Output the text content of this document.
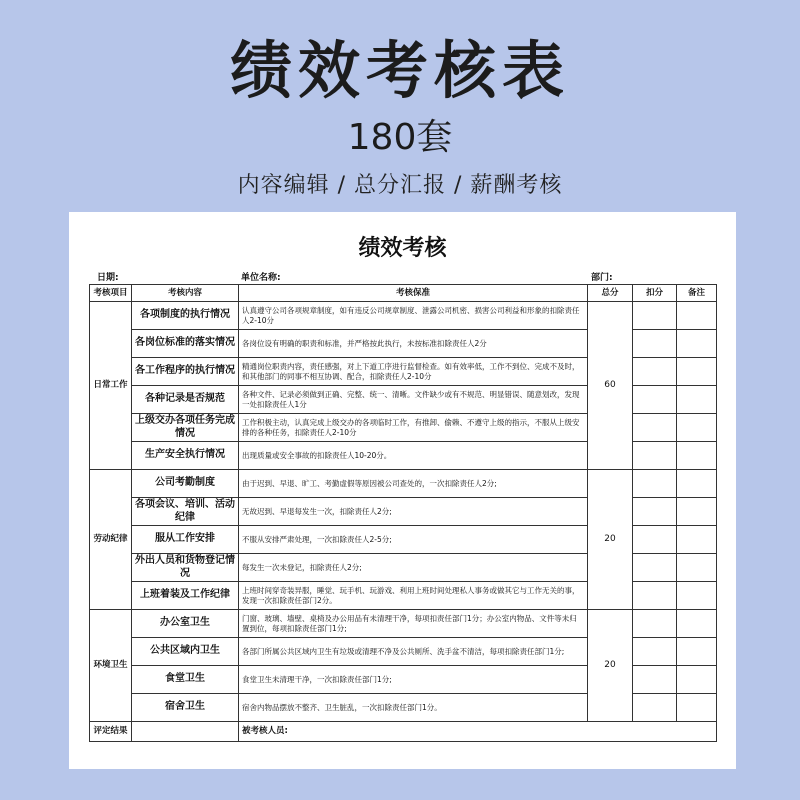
绩效考核表
180套
内容编辑 / 总分汇报 / 薪酬考核
绩效考核
日期:	单位名称:	部门:
考核项目	考核内容	考核保准	总分	扣分	备注
日常工作	各项制度的执行情况	认真遵守公司各项规章制度，如有违反公司规章制度、泄露公司机密、损害公司利益和形象的扣除责任人2-10分	60		
	各岗位标准的落实情况	各岗位设有明确的职责和标准，并严格按此执行，未按标准扣除责任人2分			
	各工作程序的执行情况	精通岗位职责内容，责任感强，对上下道工序进行监督检查。如有效率低，工作不到位、完成不及时，和其他部门的同事不相互协调、配合，扣除责任人2-10分			
	各种记录是否规范	各种文件、记录必须做到正确、完整、统一、清晰。文件缺少或有不规范、明显错误、随意划改，发现一处扣除责任人1分			
	上级交办各项任务完成情况	工作积极主动，认真完成上级交办的各项临时工作，有推卸、偷赖、不遵守上级的指示，不服从上级安排的各种任务，扣除责任人2-10分			
	生产安全执行情况	出现质量或安全事故的扣除责任人10-20分。			
劳动纪律	公司考勤制度	由于迟到、早退、旷工、考勤虚假等原因被公司查处的，一次扣除责任人2分;	20		
	各项会议、培训、活动纪律	无故迟到、早退每发生一次，扣除责任人2分;			
	服从工作安排	不服从安排严肃处理，一次扣除责任人2-5分;			
	外出人员和货物登记情况	每发生一次未登记，扣除责任人2分;			
	上班着装及工作纪律	上班时间穿奇装异服，睡觉、玩手机、玩游戏、利用上班时间处理私人事务或做其它与工作无关的事，发现一次扣除责任部门2分。			
环境卫生	办公室卫生	门窗、玻璃、墙壁、桌椅及办公用品有未清理干净，每项扣责任部门1分；办公室内物品、文件等未归置到位，每项扣除责任部门1分;	20		
	公共区域内卫生	各部门所属公共区域内卫生有垃圾或清理不净及公共厕所、洗手盆不清洁，每项扣除责任部门1分;			
	食堂卫生	食堂卫生未清理干净，一次扣除责任部门1分;			
	宿舍卫生	宿舍内物品摆放不整齐、卫生脏乱，一次扣除责任部门1分。			
评定结果		被考核人员:			
